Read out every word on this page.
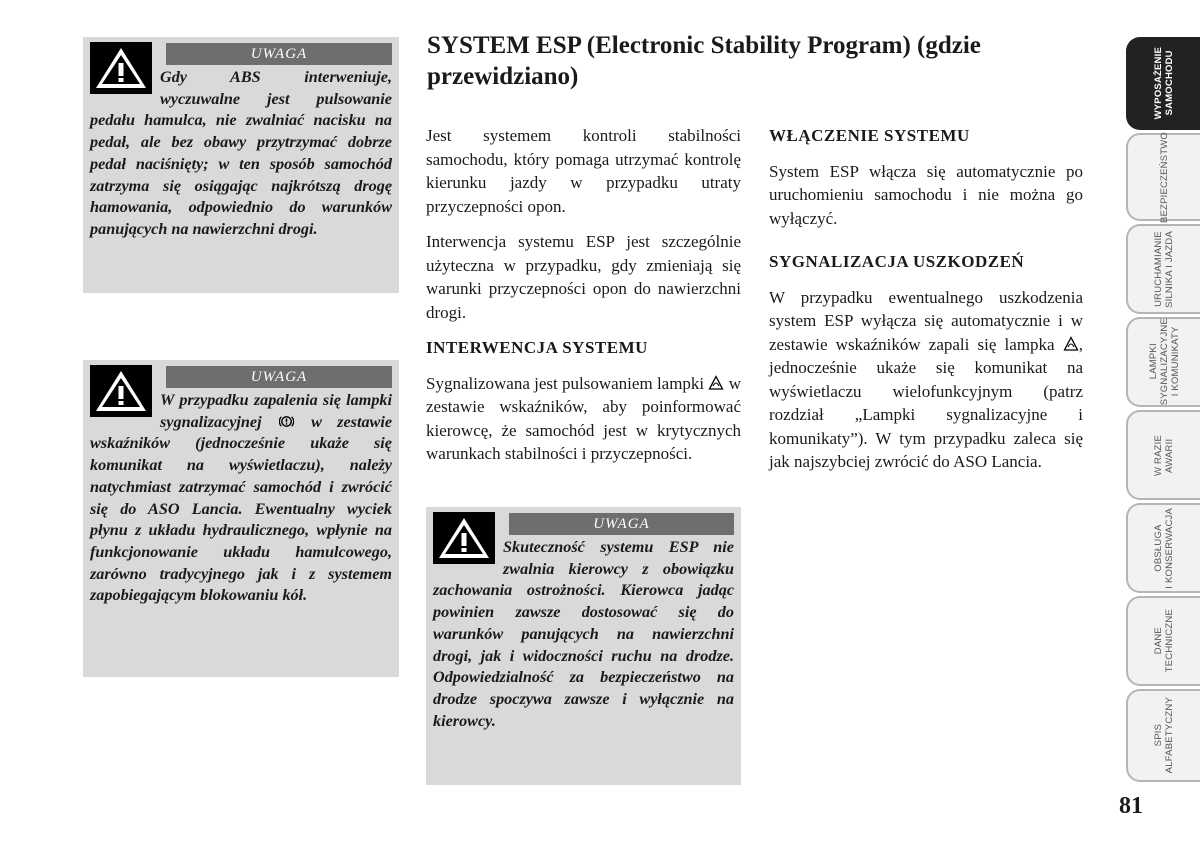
UWAGA
Gdy ABS interweniuje, wyczuwalne jest pulsowanie pedału hamulca, nie zwalniać nacisku na pedał, ale bez obawy przytrzymać dobrze pedał naciśnięty; w ten sposób samochód zatrzyma się osiągając najkrótszą drogę hamowania, odpowiednio do warunków panujących na nawierzchni drogi.
UWAGA
W przypadku zapalenia się lampki sygnalizacyjnej	w zestawie wskaźników (jednocześnie ukaże się komunikat na wyświetlaczu), należy natychmiast zatrzymać samochód i zwrócić się do ASO Lancia. Ewentualny wyciek płynu z układu hydraulicznego, wpłynie na funkcjonowanie układu hamulcowego, zarówno tradycyjnego jak i z systemem zapobiegającym blokowaniu kół.
SYSTEM ESP (Electronic Stability Program) (gdzie przewidziano)

Jest systemem kontroli stabilności samochodu, który pomaga utrzymać kontrolę kierunku jazdy w przypadku utraty przyczepności opon.

Interwencja systemu ESP jest szczególnie użyteczna w przypadku, gdy zmieniają się warunki przyczepności opon do nawierzchni drogi.

INTERWENCJA SYSTEMU

Sygnalizowana jest pulsowaniem lampki w zestawie wskaźników, aby poinformować kierowcę, że samochód jest w krytycznych warunkach stabilności i przyczepności.

UWAGA
Skuteczność systemu ESP nie zwalnia kierowcy z obowiązku zachowania ostrożności. Kierowca jadąc powinien zawsze dostosować się do warunków panujących na nawierzchni drogi, jak i widoczności ruchu na drodze. Odpowiedzialność za bezpieczeństwo na drodze spoczywa zawsze i wyłącznie na kierowcy.
WŁĄCZENIE SYSTEMU

System ESP włącza się automatycznie po uruchomieniu samochodu i nie można go wyłączyć.

SYGNALIZACJA USZKODZEŃ

W przypadku ewentualnego uszkodzenia system ESP wyłącza się automatycznie i w zestawie wskaźników zapali się lampka , jednocześnie ukaże się komunikat na wyświetlaczu wielofunkcyjnym (patrz rozdział „Lampki sygnalizacyjne i komunikaty”). W tym przypadku zaleca się jak najszybciej zwrócić do ASO Lancia.

WYPOSAŻENIE
SAMOCHODU
BEZPIECZEŃSTWO
URUCHAMIANIE
SILNIKA I JAZDA
LAMPKI
SYGNALIZACYJNE
I KOMUNIKATY
W RAZIE
AWARII
OBSŁUGA
I KONSERWACJA
DANE
TECHNICZNE
SPIS
ALFABETYCZNY
81
